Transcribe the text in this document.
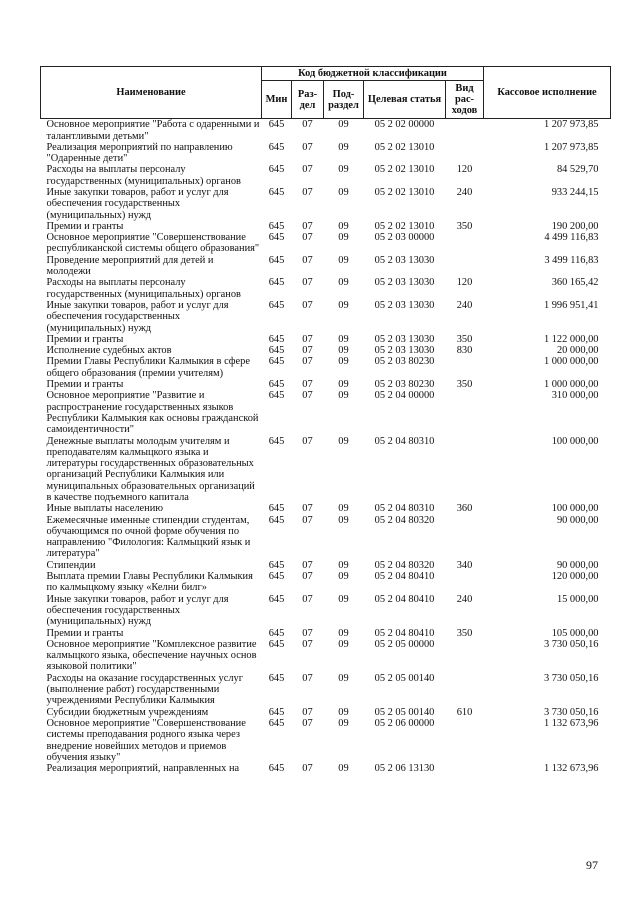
Наименование	Код бюджетной классификации					Кассовое исполнение
	Мин	Раз-дел	Под-раздел	Целевая статья	Вид рас-ходов	
Основное мероприятие "Работа с одаренными и талантливыми детьми"	645	07	09	05 2 02 00000		1 207 973,85
Реализация мероприятий по направлению "Одаренные дети"	645	07	09	05 2 02 13010		1 207 973,85
Расходы на выплаты персоналу государственных (муниципальных) органов	645	07	09	05 2 02 13010	120	84 529,70
Иные закупки товаров, работ и услуг для обеспечения государственных (муниципальных) нужд	645	07	09	05 2 02 13010	240	933 244,15
Премии и гранты	645	07	09	05 2 02 13010	350	190 200,00
Основное мероприятие "Совершенствование республиканской системы общего образования"	645	07	09	05 2 03 00000		4 499 116,83
Проведение мероприятий для детей и молодежи	645	07	09	05 2 03 13030		3 499 116,83
Расходы на выплаты персоналу государственных (муниципальных) органов	645	07	09	05 2 03 13030	120	360 165,42
Иные закупки товаров, работ и услуг для обеспечения государственных (муниципальных) нужд	645	07	09	05 2 03 13030	240	1 996 951,41
Премии и гранты	645	07	09	05 2 03 13030	350	1 122 000,00
Исполнение судебных актов	645	07	09	05 2 03 13030	830	20 000,00
Премии Главы Республики Калмыкия в сфере общего образования (премии учителям)	645	07	09	05 2 03 80230		1 000 000,00
Премии и гранты	645	07	09	05 2 03 80230	350	1 000 000,00
Основное мероприятие "Развитие и распространение государственных языков Республики Калмыкия как основы гражданской самоидентичности"	645	07	09	05 2 04 00000		310 000,00
Денежные выплаты молодым учителям и преподавателям калмыцкого языка и литературы государственных образовательных организаций Республики Калмыкия или муниципальных образовательных организаций в качестве подъемного капитала	645	07	09	05 2 04 80310		100 000,00
Иные выплаты населению	645	07	09	05 2 04 80310	360	100 000,00
Ежемесячные именные стипендии студентам, обучающимся по очной форме обучения по направлению "Филология: Калмыцкий язык и литература"	645	07	09	05 2 04 80320		90 000,00
Стипендии	645	07	09	05 2 04 80320	340	90 000,00
Выплата премии Главы Республики Калмыкия по калмыцкому языку «Келни билг»	645	07	09	05 2 04 80410		120 000,00
Иные закупки товаров, работ и услуг для обеспечения государственных (муниципальных) нужд	645	07	09	05 2 04 80410	240	15 000,00
Премии и гранты	645	07	09	05 2 04 80410	350	105 000,00
Основное мероприятие "Комплексное развитие калмыцкого языка, обеспечение научных основ языковой политики"	645	07	09	05 2 05 00000		3 730 050,16
Расходы на оказание государственных услуг (выполнение работ) государственными учреждениями Республики Калмыкия	645	07	09	05 2 05 00140		3 730 050,16
Субсидии бюджетным учреждениям	645	07	09	05 2 05 00140	610	3 730 050,16
Основное мероприятие "Совершенствование системы преподавания родного языка через внедрение новейших методов и приемов обучения языку"	645	07	09	05 2 06 00000		1 132 673,96
Реализация мероприятий, направленных на	645	07	09	05 2 06 13130		1 132 673,96
97
